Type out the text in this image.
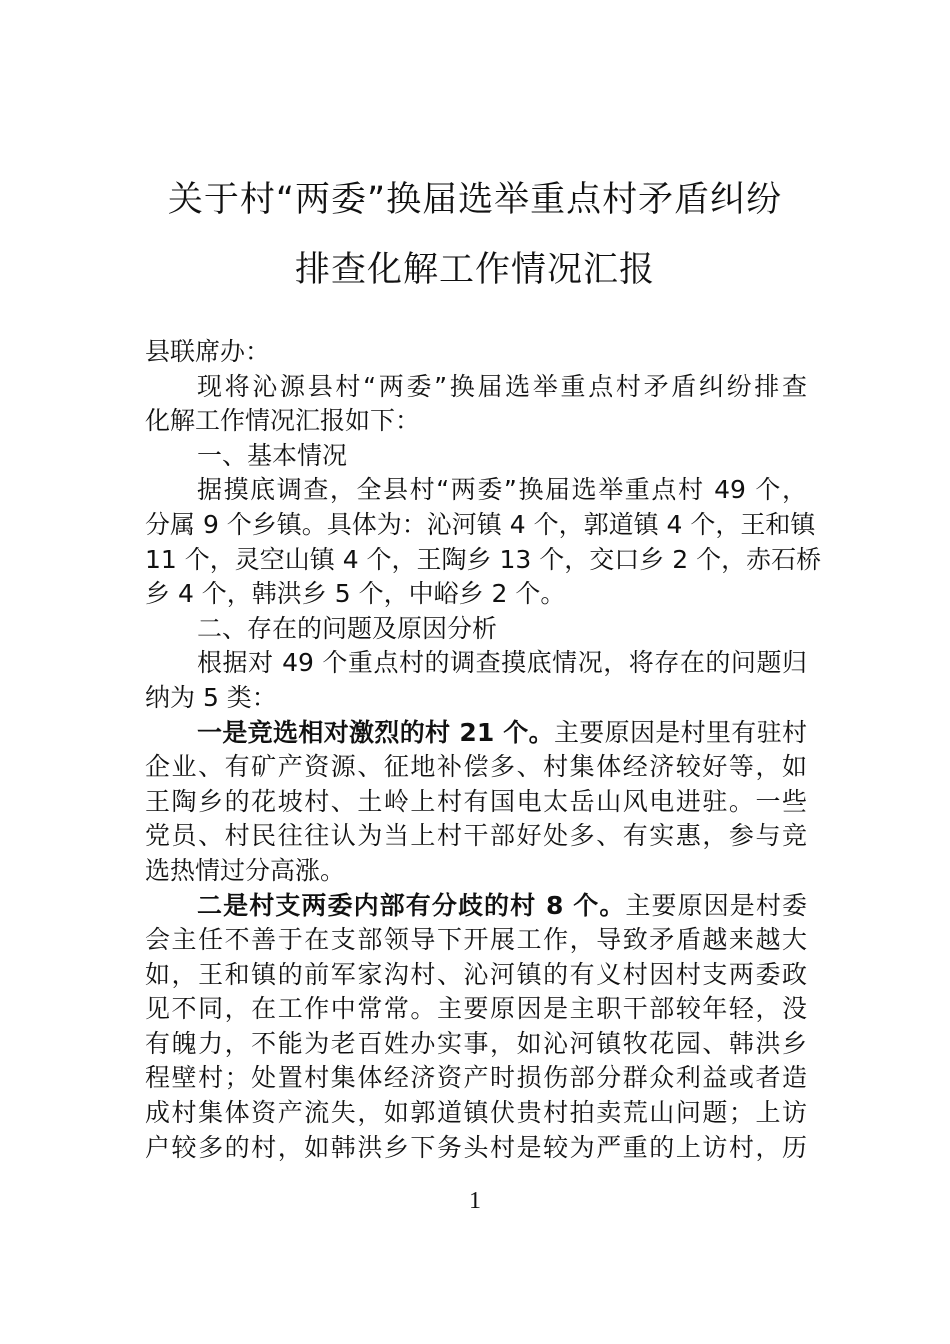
关于村“两委”换届选举重点村矛盾纠纷
排查化解工作情况汇报
县联席办：
现将沁源县村“两委”换届选举重点村矛盾纠纷排查
化解工作情况汇报如下：
一、基本情况
据摸底调查，全县村“两委”换届选举重点村 49 个，
分属 9 个乡镇。具体为：沁河镇 4 个，郭道镇 4 个，王和镇
11 个，灵空山镇 4 个，王陶乡 13 个，交口乡 2 个，赤石桥
乡 4 个，韩洪乡 5 个，中峪乡 2 个。
二、存在的问题及原因分析
根据对 49 个重点村的调查摸底情况，将存在的问题归
纳为 5 类：
一是竞选相对激烈的村 21 个。主要原因是村里有驻村
企业、有矿产资源、征地补偿多、村集体经济较好等，如
王陶乡的花坡村、土岭上村有国电太岳山风电进驻。一些
党员、村民往往认为当上村干部好处多、有实惠，参与竞
选热情过分高涨。
二是村支两委内部有分歧的村 8 个。主要原因是村委
会主任不善于在支部领导下开展工作，导致矛盾越来越大
如，王和镇的前军家沟村、沁河镇的有义村因村支两委政
见不同，在工作中常常。主要原因是主职干部较年轻，没
有魄力，不能为老百姓办实事，如沁河镇牧花园、韩洪乡
程壁村；处置村集体经济资产时损伤部分群众利益或者造
成村集体资产流失，如郭道镇伏贵村拍卖荒山问题；上访
户较多的村，如韩洪乡下务头村是较为严重的上访村，历
1
